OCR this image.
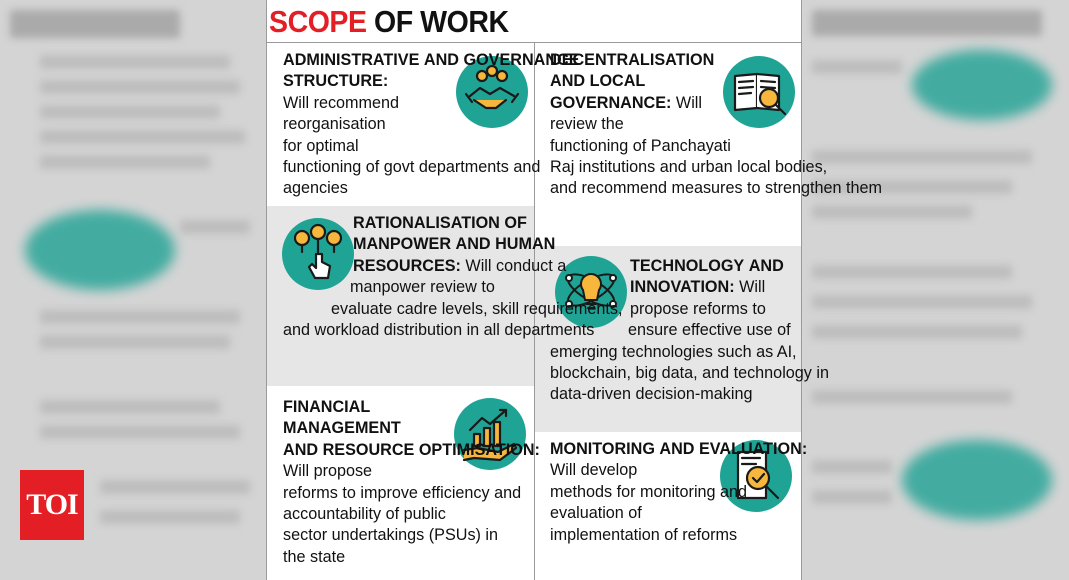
TOI
SCOPE OF WORK
ADMINISTRATIVE AND GOVERNANCE
STRUCTURE:
Will recommend
reorganisation
for optimal
functioning of govt departments and
agencies
RATIONALISATION OF
MANPOWER AND HUMAN
RESOURCES: Will conduct a
manpower review to
evaluate cadre levels, skill requirements,
and workload distribution in all departments
FINANCIAL
MANAGEMENT
AND RESOURCE OPTIMISATION:
Will propose
reforms to improve efficiency and
accountability of public
sector undertakings (PSUs) in
the state
DECENTRALISATION
AND LOCAL
GOVERNANCE: Will
review the
functioning of Panchayati
Raj institutions and urban local bodies,
and recommend measures to strengthen them
TECHNOLOGY AND
INNOVATION: Will
propose reforms to
ensure effective use of
emerging technologies such as AI,
blockchain, big data, and technology in
data-driven decision-making
MONITORING AND EVALUATION:
Will develop
methods for monitoring and
evaluation of
implementation of reforms
